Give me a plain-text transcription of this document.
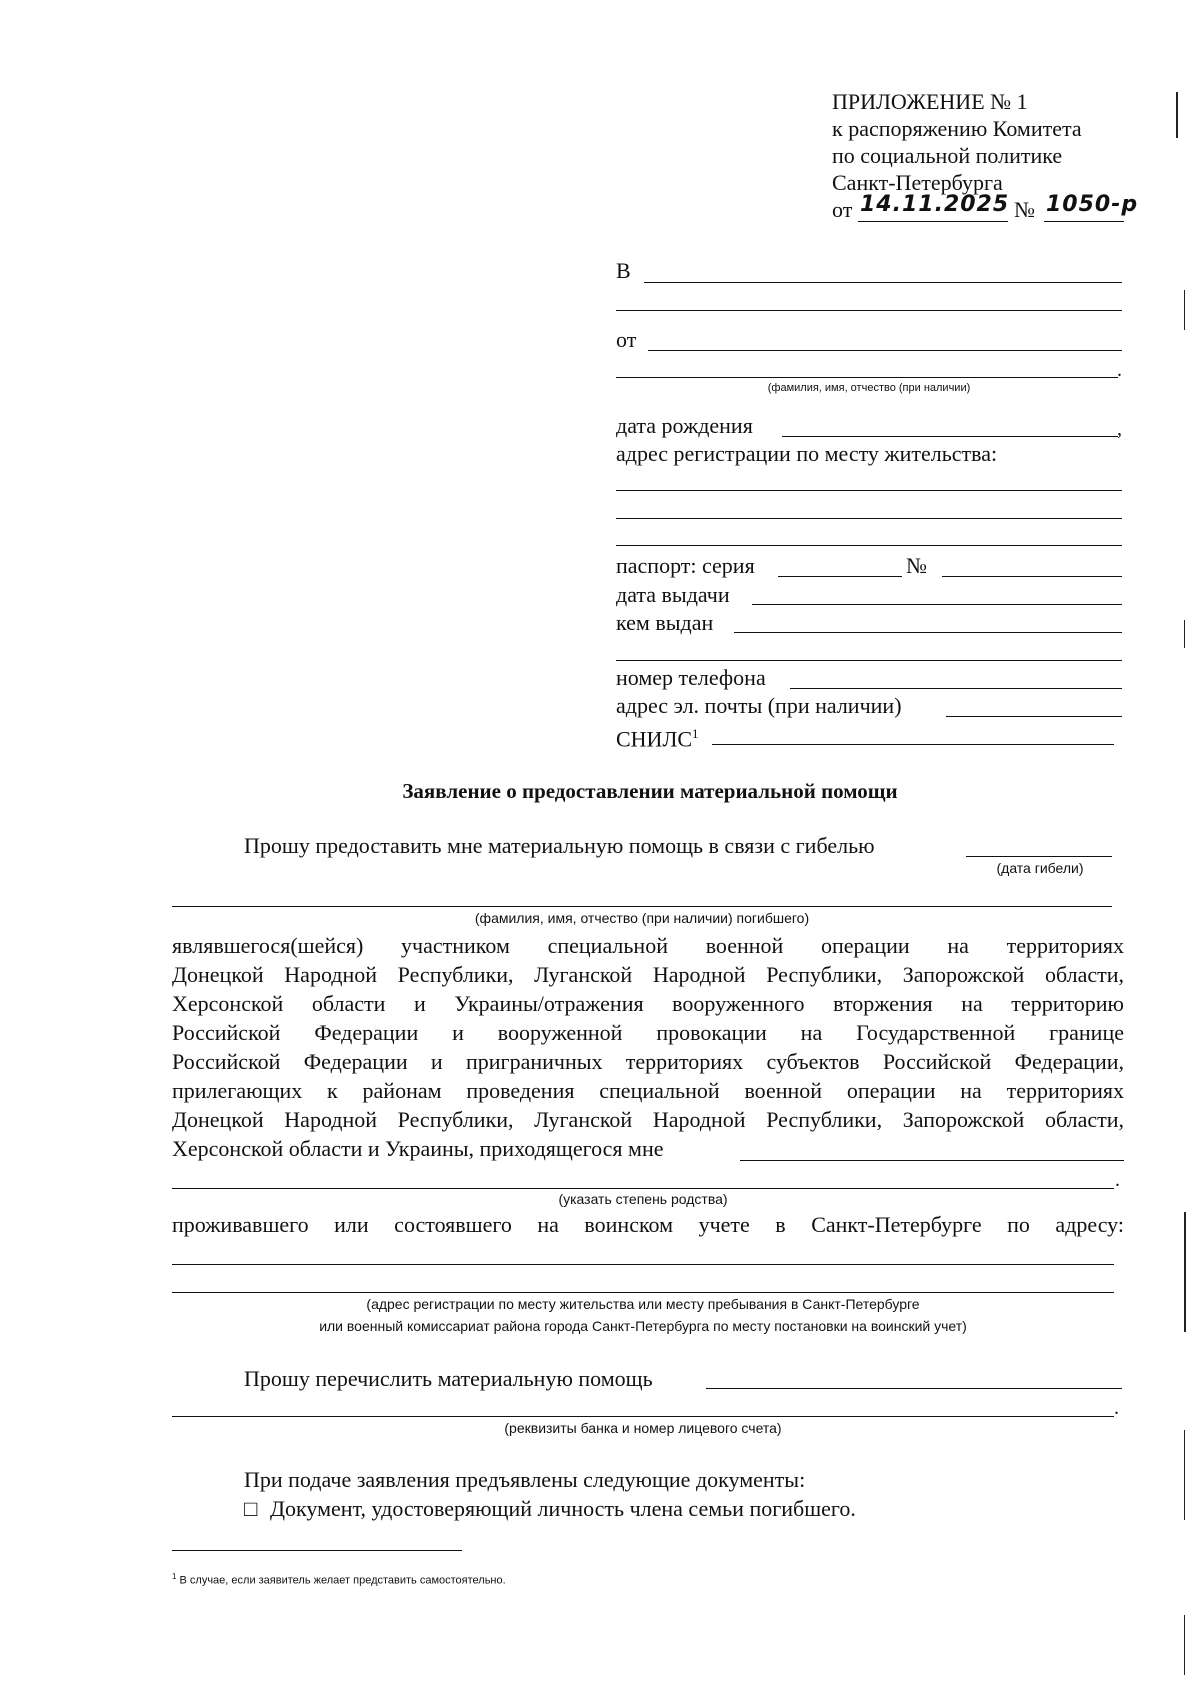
ПРИЛОЖЕНИЕ № 1
к распоряжению Комитета
по социальной политике
Санкт-Петербурга
от 14.11.2025 № 1050-р
В
от
.
(фамилия, имя, отчество (при наличии)
дата рождения	,
адрес регистрации по месту жительства:
паспорт: серия	№
дата выдачи
кем выдан
номер телефона
адрес эл. почты (при наличии)
СНИЛС$^1$
Заявление о предоставлении материальной помощи
Прошу предоставить мне материальную помощь в связи с гибелью
(дата гибели)
(фамилия, имя, отчество (при наличии) погибшего)
являвшегося(шейся) участником специальной военной операции на территориях
Донецкой Народной Республики, Луганской Народной Республики, Запорожской области,
Херсонской области и Украины/отражения вооруженного вторжения на территорию
Российской Федерации и вооруженной провокации на Государственной границе
Российской Федерации и приграничных территориях субъектов Российской Федерации,
прилегающих к районам проведения специальной военной операции на территориях
Донецкой Народной Республики, Луганской Народной Республики, Запорожской области,
Херсонской области и Украины, приходящегося мне
.
(указать степень родства)
проживавшего или состоявшего на воинском учете в Санкт-Петербурге по адресу:
(адрес регистрации по месту жительства или месту пребывания в Санкт-Петербурге
или военный комиссариат района города Санкт-Петербурга по месту постановки на воинский учет)
Прошу перечислить материальную помощь
.
(реквизиты банка и номер лицевого счета)
При подаче заявления предъявлены следующие документы:
□ Документ, удостоверяющий личность члена семьи погибшего.
$^1$ В случае, если заявитель желает представить самостоятельно.
